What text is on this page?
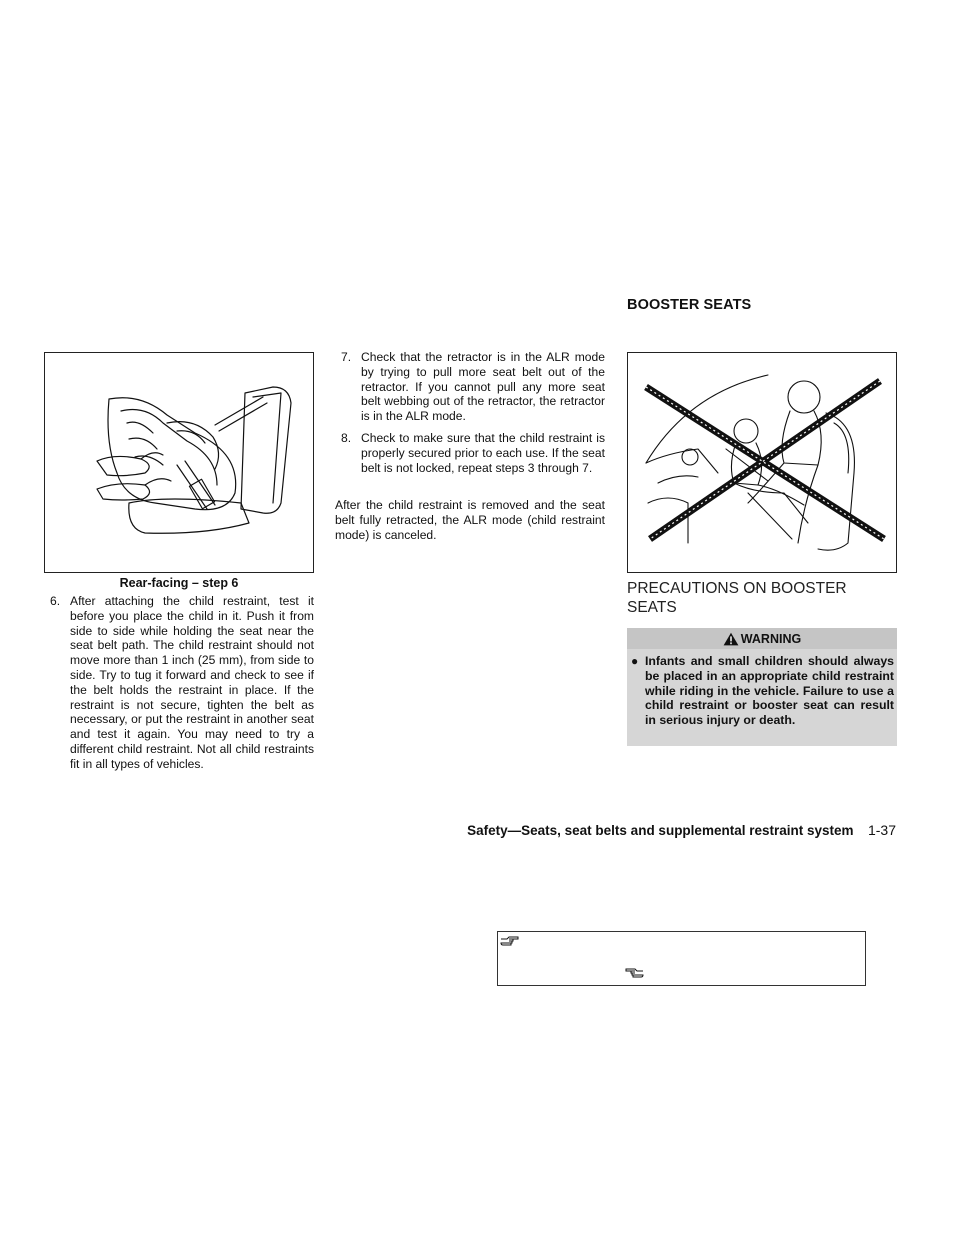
Rear-facing – step 6
6. After attaching the child restraint, test it before you place the child in it. Push it from side to side while holding the seat near the seat belt path. The child restraint should not move more than 1 inch (25 mm), from side to side. Try to tug it forward and check to see if the belt holds the restraint in place. If the restraint is not secure, tighten the belt as necessary, or put the restraint in another seat and test it again. You may need to try a different child restraint. Not all child restraints fit in all types of vehicles.
7. Check that the retractor is in the ALR mode by trying to pull more seat belt out of the retractor. If you cannot pull any more seat belt webbing out of the retractor, the retractor is in the ALR mode.
8. Check to make sure that the child restraint is properly secured prior to each use. If the seat belt is not locked, repeat steps 3 through 7.
After the child restraint is removed and the seat belt fully retracted, the ALR mode (child restraint mode) is canceled.
BOOSTER SEATS
PRECAUTIONS ON BOOSTER SEATS
WARNING
● Infants and small children should always be placed in an appropriate child restraint while riding in the vehicle. Failure to use a child restraint or booster seat can result in serious injury or death.
Safety—Seats, seat belts and supplemental restraint system 1-37
